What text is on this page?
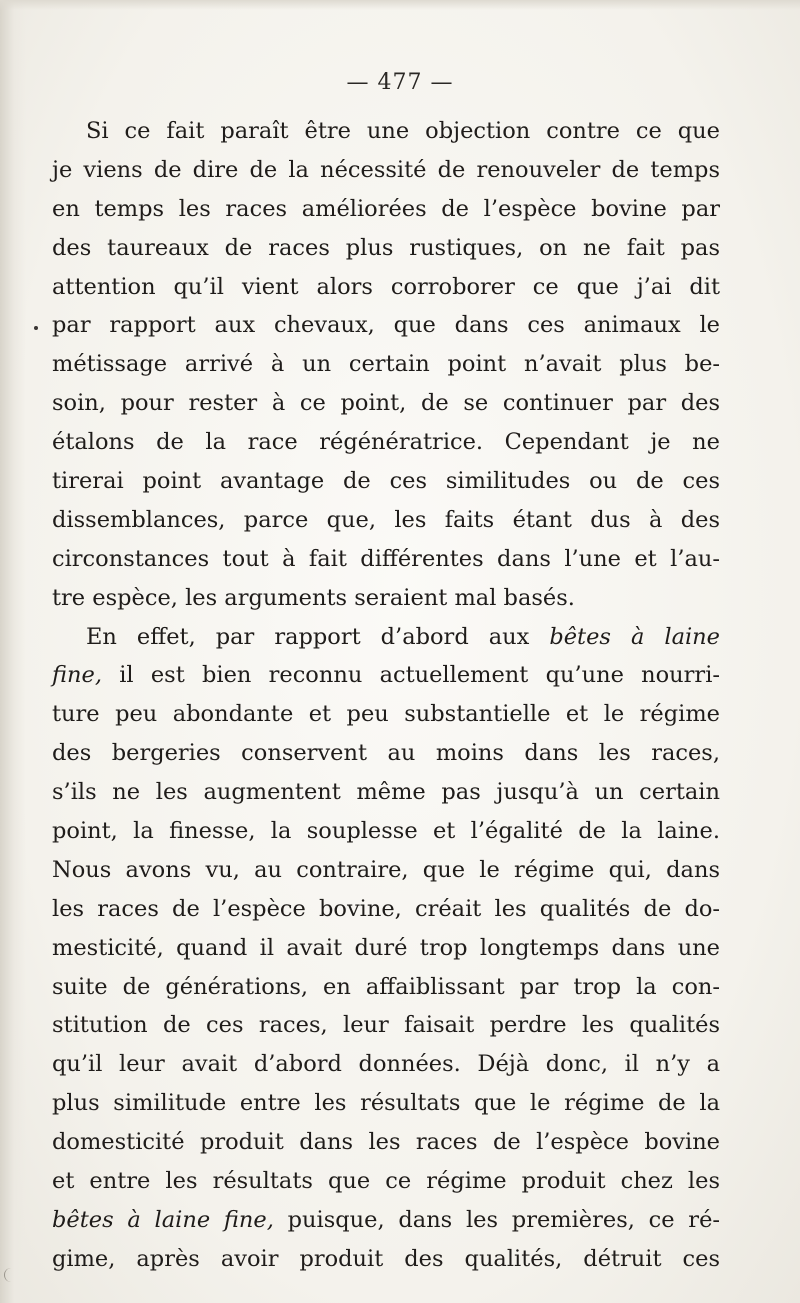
— 477 —
Si ce fait paraît être une objection contre ce que
je viens de dire de la nécessité de renouveler de temps
en temps les races améliorées de l’espèce bovine par
des taureaux de races plus rustiques, on ne fait pas
attention qu’il vient alors corroborer ce que j’ai dit
par rapport aux chevaux, que dans ces animaux le
métissage arrivé à un certain point n’avait plus be-
soin, pour rester à ce point, de se continuer par des
étalons de la race régénératrice. Cependant je ne
tirerai point avantage de ces similitudes ou de ces
dissemblances, parce que, les faits étant dus à des
circonstances tout à fait différentes dans l’une et l’au-
tre espèce, les arguments seraient mal basés.
En effet, par rapport d’abord aux bêtes à laine
fine, il est bien reconnu actuellement qu’une nourri-
ture peu abondante et peu substantielle et le régime
des bergeries conservent au moins dans les races,
s’ils ne les augmentent même pas jusqu’à un certain
point, la finesse, la souplesse et l’égalité de la laine.
Nous avons vu, au contraire, que le régime qui, dans
les races de l’espèce bovine, créait les qualités de do-
mesticité, quand il avait duré trop longtemps dans une
suite de générations, en affaiblissant par trop la con-
stitution de ces races, leur faisait perdre les qualités
qu’il leur avait d’abord données. Déjà donc, il n’y a
plus similitude entre les résultats que le régime de la
domesticité produit dans les races de l’espèce bovine
et entre les résultats que ce régime produit chez les
bêtes à laine fine, puisque, dans les premières, ce ré-
gime, après avoir produit des qualités, détruit ces
